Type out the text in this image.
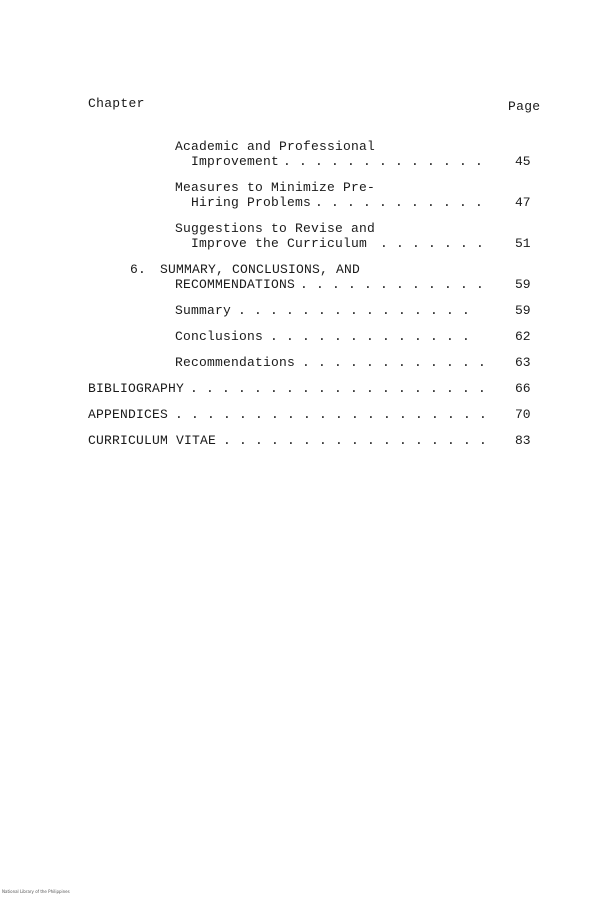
Chapter	Page
Academic and Professional
Improvement . . . . . . . . . . . . . 45
Measures to Minimize Pre-
Hiring Problems . . . . . . . . . . . 47
Suggestions to Revise and
Improve the Curriculum . . . . . . . 51
6. SUMMARY, CONCLUSIONS, AND
RECOMMENDATIONS . . . . . . . . . . . . 59
Summary . . . . . . . . . . . . . . .	59
Conclusions . . . . . . . . . . . . .	62
Recommendations . . . . . . . . . . . . 63
BIBLIOGRAPHY . . . . . . . . . . . . . . . . . . . 66
APPENDICES . . . . . . . . . . . . . . . . . . . . 70
CURRICULUM VITAE . . . . . . . . . . . . . . . . . 83
National Library of the Philippines
